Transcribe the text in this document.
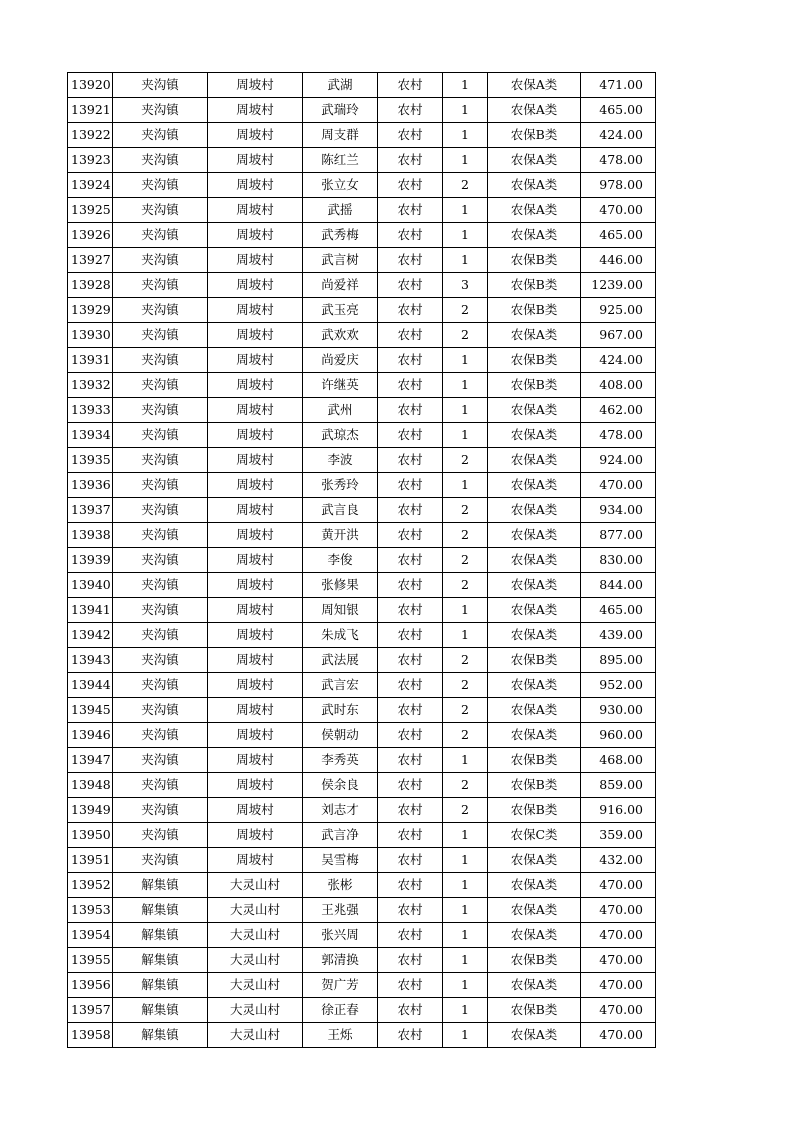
13920	夹沟镇	周坡村	武湖	农村	1	农保A类	471.00
13921	夹沟镇	周坡村	武瑞玲	农村	1	农保A类	465.00
13922	夹沟镇	周坡村	周支群	农村	1	农保B类	424.00
13923	夹沟镇	周坡村	陈红兰	农村	1	农保A类	478.00
13924	夹沟镇	周坡村	张立女	农村	2	农保A类	978.00
13925	夹沟镇	周坡村	武摇	农村	1	农保A类	470.00
13926	夹沟镇	周坡村	武秀梅	农村	1	农保A类	465.00
13927	夹沟镇	周坡村	武言树	农村	1	农保B类	446.00
13928	夹沟镇	周坡村	尚爱祥	农村	3	农保B类	1239.00
13929	夹沟镇	周坡村	武玉亮	农村	2	农保B类	925.00
13930	夹沟镇	周坡村	武欢欢	农村	2	农保A类	967.00
13931	夹沟镇	周坡村	尚爱庆	农村	1	农保B类	424.00
13932	夹沟镇	周坡村	许继英	农村	1	农保B类	408.00
13933	夹沟镇	周坡村	武州	农村	1	农保A类	462.00
13934	夹沟镇	周坡村	武琼杰	农村	1	农保A类	478.00
13935	夹沟镇	周坡村	李波	农村	2	农保A类	924.00
13936	夹沟镇	周坡村	张秀玲	农村	1	农保A类	470.00
13937	夹沟镇	周坡村	武言良	农村	2	农保A类	934.00
13938	夹沟镇	周坡村	黄开洪	农村	2	农保A类	877.00
13939	夹沟镇	周坡村	李俊	农村	2	农保A类	830.00
13940	夹沟镇	周坡村	张修果	农村	2	农保A类	844.00
13941	夹沟镇	周坡村	周知银	农村	1	农保A类	465.00
13942	夹沟镇	周坡村	朱成飞	农村	1	农保A类	439.00
13943	夹沟镇	周坡村	武法展	农村	2	农保B类	895.00
13944	夹沟镇	周坡村	武言宏	农村	2	农保A类	952.00
13945	夹沟镇	周坡村	武时东	农村	2	农保A类	930.00
13946	夹沟镇	周坡村	侯朝动	农村	2	农保A类	960.00
13947	夹沟镇	周坡村	李秀英	农村	1	农保B类	468.00
13948	夹沟镇	周坡村	侯余良	农村	2	农保B类	859.00
13949	夹沟镇	周坡村	刘志才	农村	2	农保B类	916.00
13950	夹沟镇	周坡村	武言净	农村	1	农保C类	359.00
13951	夹沟镇	周坡村	吴雪梅	农村	1	农保A类	432.00
13952	解集镇	大灵山村	张彬	农村	1	农保A类	470.00
13953	解集镇	大灵山村	王兆强	农村	1	农保A类	470.00
13954	解集镇	大灵山村	张兴周	农村	1	农保A类	470.00
13955	解集镇	大灵山村	郭清换	农村	1	农保B类	470.00
13956	解集镇	大灵山村	贺广芳	农村	1	农保A类	470.00
13957	解集镇	大灵山村	徐正春	农村	1	农保B类	470.00
13958	解集镇	大灵山村	王烁	农村	1	农保A类	470.00
